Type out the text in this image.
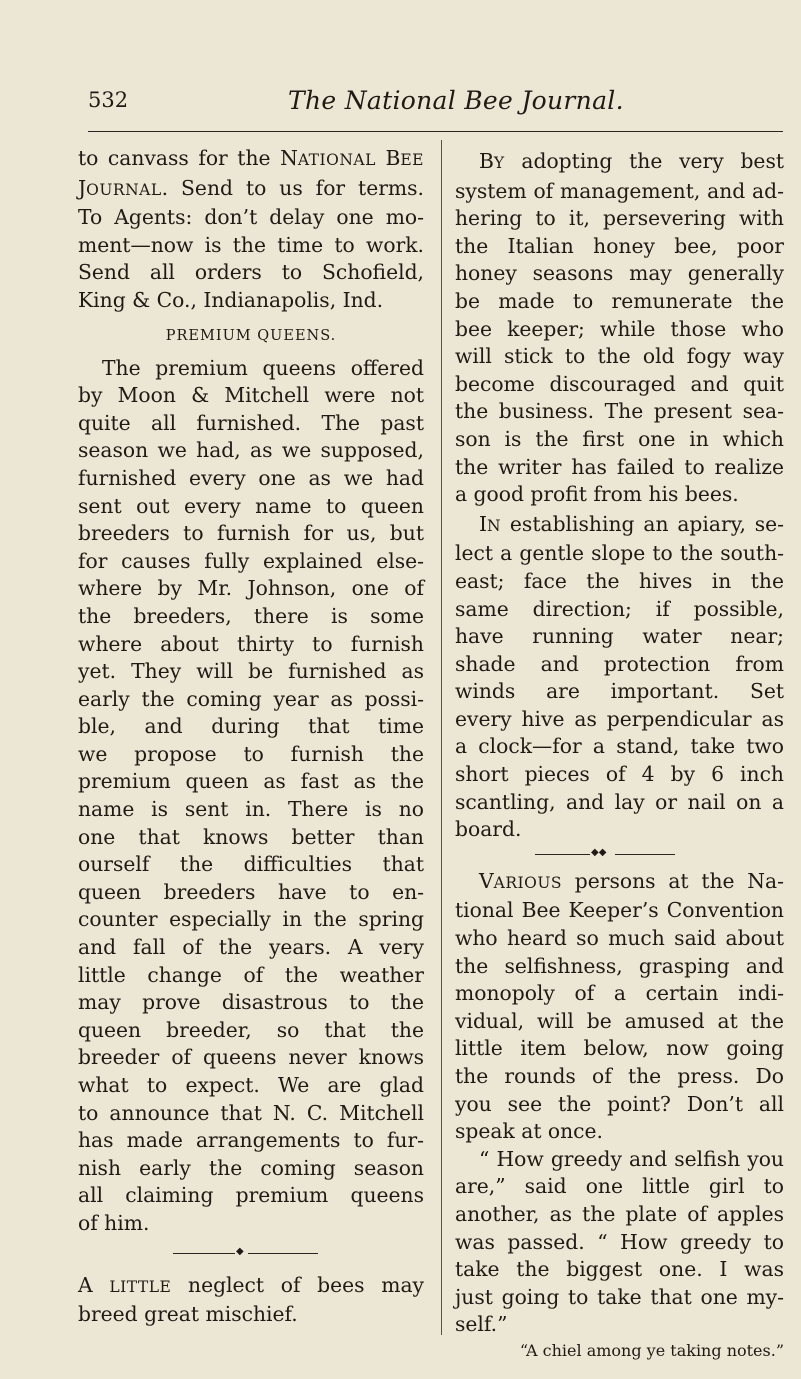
532	The National Bee Journal.

to canvass for the NATIONAL BEE

JOURNAL. Send to us for terms.

To Agents: don’t delay one mo-

ment—now is the time to work.

Send all orders to Schofield,

King & Co., Indianapolis, Ind.

PREMIUM QUEENS.

The premium queens offered

by Moon & Mitchell were not

quite all furnished. The past

season we had, as we supposed,

furnished every one as we had

sent out every name to queen

breeders to furnish for us, but

for causes fully explained else-

where by Mr. Johnson, one of

the breeders, there is some

where about thirty to furnish

yet. They will be furnished as

early the coming year as possi-

ble, and during that time

we propose to furnish the

premium queen as fast as the

name is sent in. There is no

one that knows better than

ourself the difficulties that

queen breeders have to en-

counter especially in the spring

and fall of the years. A very

little change of the weather

may prove disastrous to the

queen breeder, so that the

breeder of queens never knows

what to expect. We are glad

to announce that N. C. Mitchell

has made arrangements to fur-

nish early the coming season

all claiming premium queens

of him.

◆

A LITTLE neglect of bees may

breed great mischief.

BY adopting the very best

system of management, and ad-

hering to it, persevering with

the Italian honey bee, poor

honey seasons may generally

be made to remunerate the

bee keeper; while those who

will stick to the old fogy way

become discouraged and quit

the business. The present sea-

son is the first one in which

the writer has failed to realize

a good profit from his bees.

IN establishing an apiary, se-

lect a gentle slope to the south-

east; face the hives in the

same direction; if possible,

have running water near;

shade and protection from

winds are important. Set

every hive as perpendicular as

a clock—for a stand, take two

short pieces of 4 by 6 inch

scantling, and lay or nail on a

board.

◆◆

VARIOUS persons at the Na-

tional Bee Keeper’s Convention

who heard so much said about

the selfishness, grasping and

monopoly of a certain indi-

vidual, will be amused at the

little item below, now going

the rounds of the press. Do

you see the point? Don’t all

speak at once.

“ How greedy and selfish you

are,” said one little girl to

another, as the plate of apples

was passed. “ How greedy to

take the biggest one. I was

just going to take that one my-

self.”

“A chiel among ye taking notes.”
